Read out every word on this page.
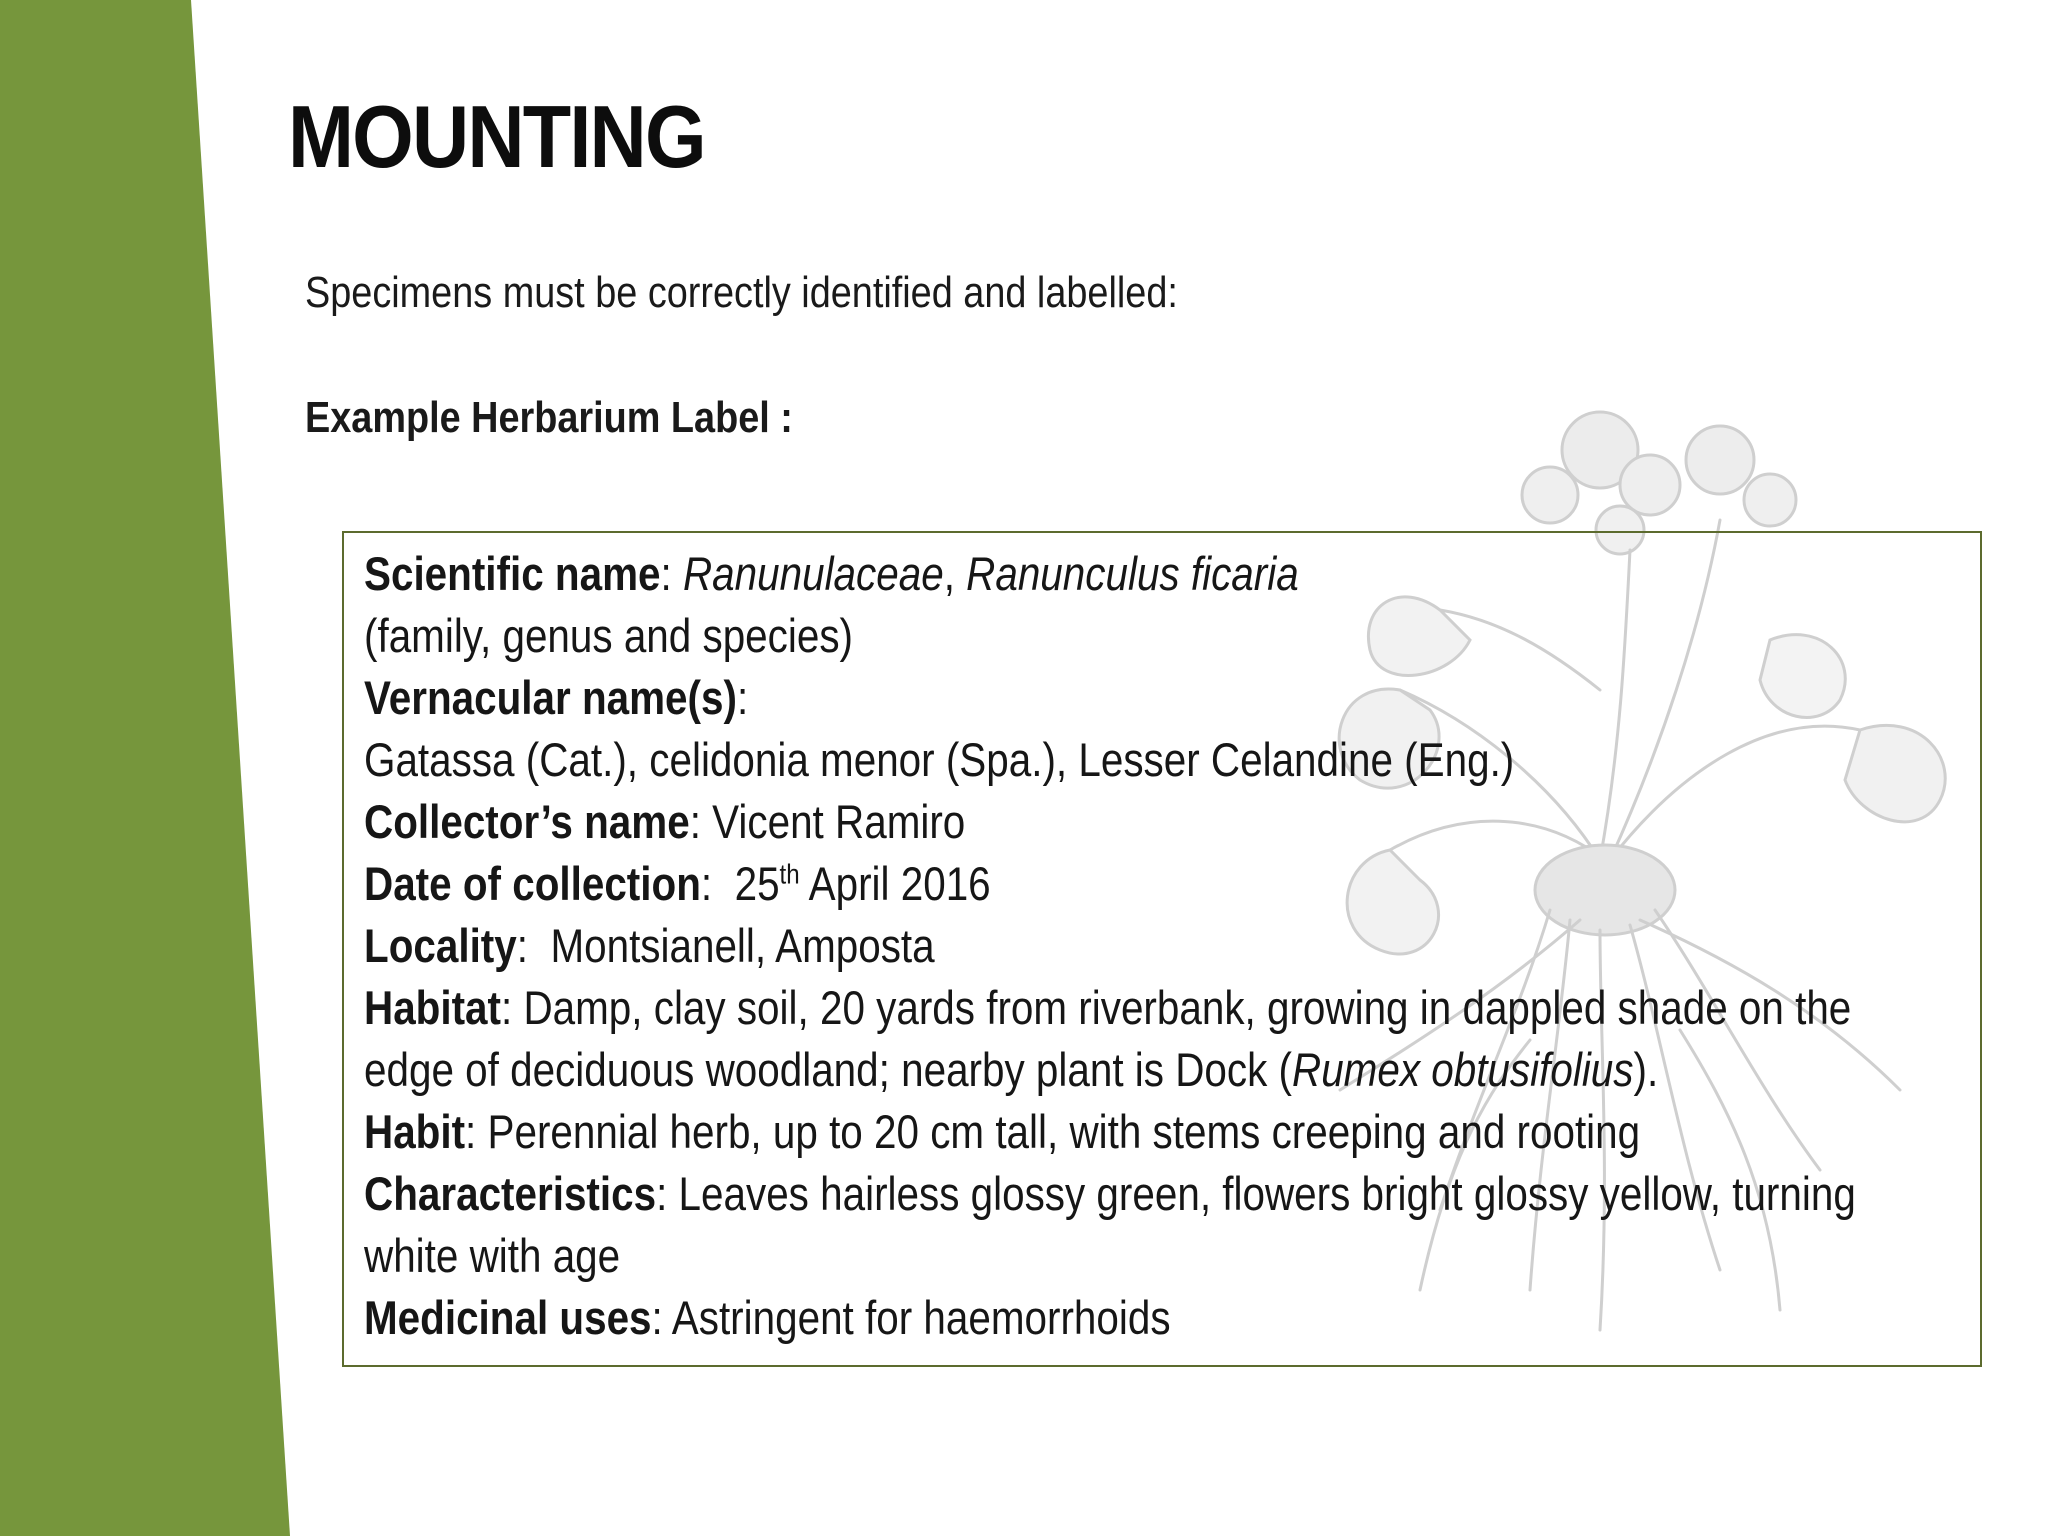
MOUNTING

Specimens must be correctly identified and labelled:

Example Herbarium Label :

Scientific name: Ranunulaceae, Ranunculus ficaria
(family, genus and species)
Vernacular name(s):
Gatassa (Cat.), celidonia menor (Spa.), Lesser Celandine (Eng.)
Collector’s name: Vicent Ramiro
Date of collection:  25th April 2016
Locality:  Montsianell, Amposta
Habitat: Damp, clay soil, 20 yards from riverbank, growing in dappled shade on the
edge of deciduous woodland; nearby plant is Dock (Rumex obtusifolius).
Habit: Perennial herb, up to 20 cm tall, with stems creeping and rooting
Characteristics: Leaves hairless glossy green, flowers bright glossy yellow, turning
white with age
Medicinal uses: Astringent for haemorrhoids
